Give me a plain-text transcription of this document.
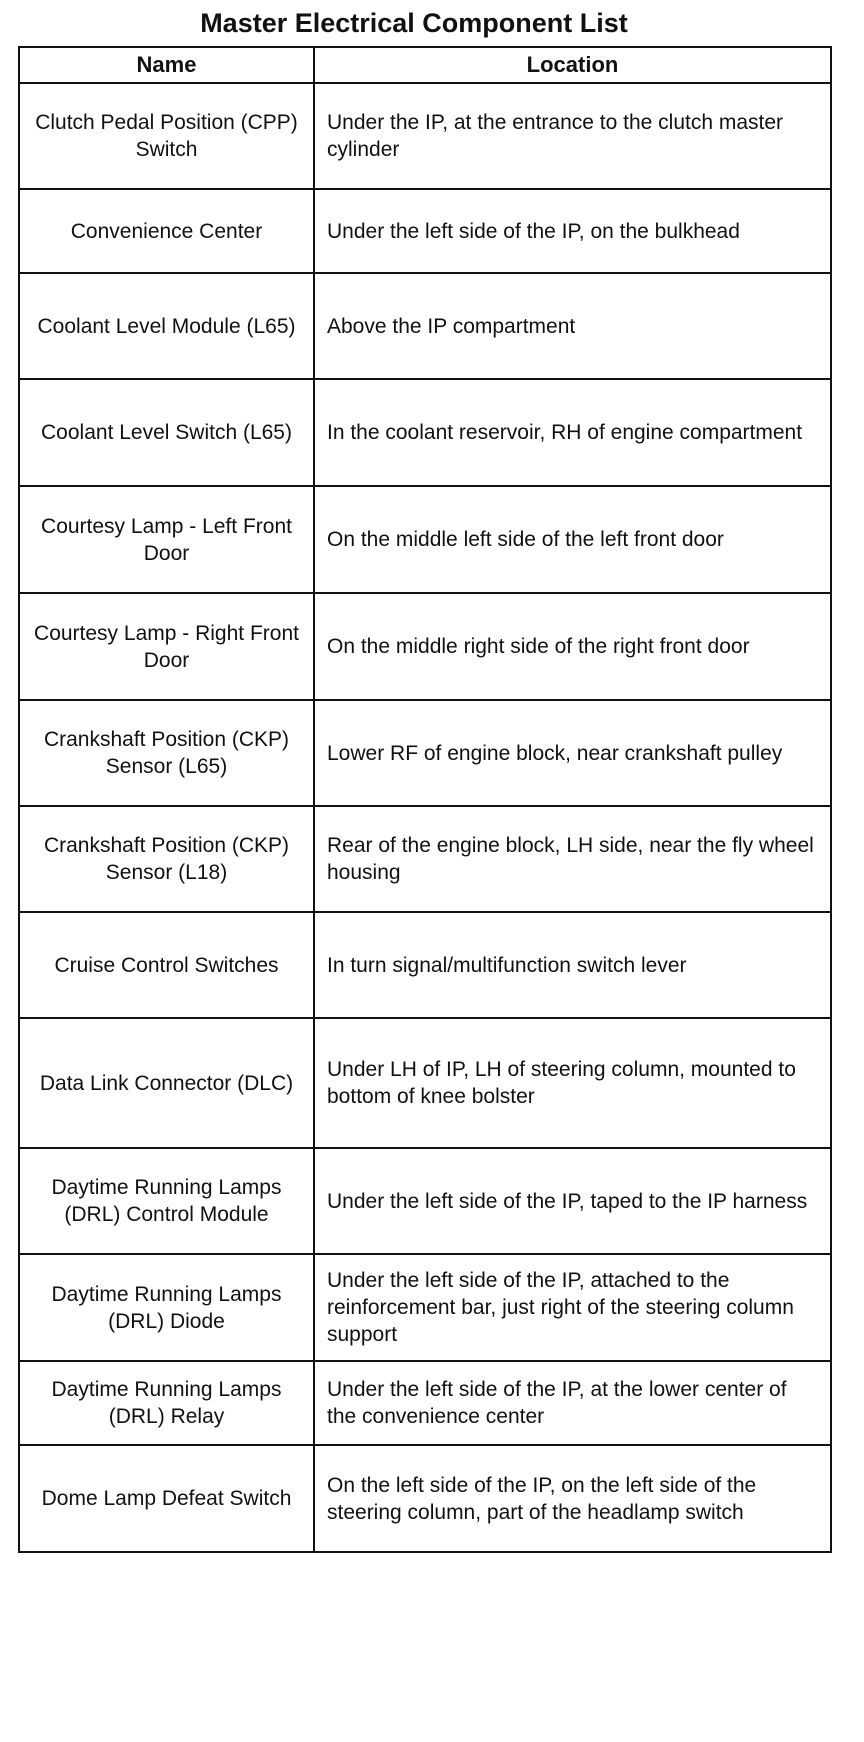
Master Electrical Component List
Name	Location
Clutch Pedal Position (CPP) Switch	Under the IP, at the entrance to the clutch master cylinder
Convenience Center	Under the left side of the IP, on the bulkhead
Coolant Level Module (L65)	Above the IP compartment
Coolant Level Switch (L65)	In the coolant reservoir, RH of engine compartment
Courtesy Lamp - Left Front Door	On the middle left side of the left front door
Courtesy Lamp - Right Front Door	On the middle right side of the right front door
Crankshaft Position (CKP) Sensor (L65)	Lower RF of engine block, near crankshaft pulley
Crankshaft Position (CKP) Sensor (L18)	Rear of the engine block, LH side, near the fly wheel housing
Cruise Control Switches	In turn signal/multifunction switch lever
Data Link Connector (DLC)	Under LH of IP, LH of steering column, mounted to bottom of knee bolster
Daytime Running Lamps (DRL) Control Module	Under the left side of the IP, taped to the IP harness
Daytime Running Lamps (DRL) Diode	Under the left side of the IP, attached to the reinforcement bar, just right of the steering column support
Daytime Running Lamps (DRL) Relay	Under the left side of the IP, at the lower center of the convenience center
Dome Lamp Defeat Switch	On the left side of the IP, on the left side of the steering column, part of the headlamp switch
